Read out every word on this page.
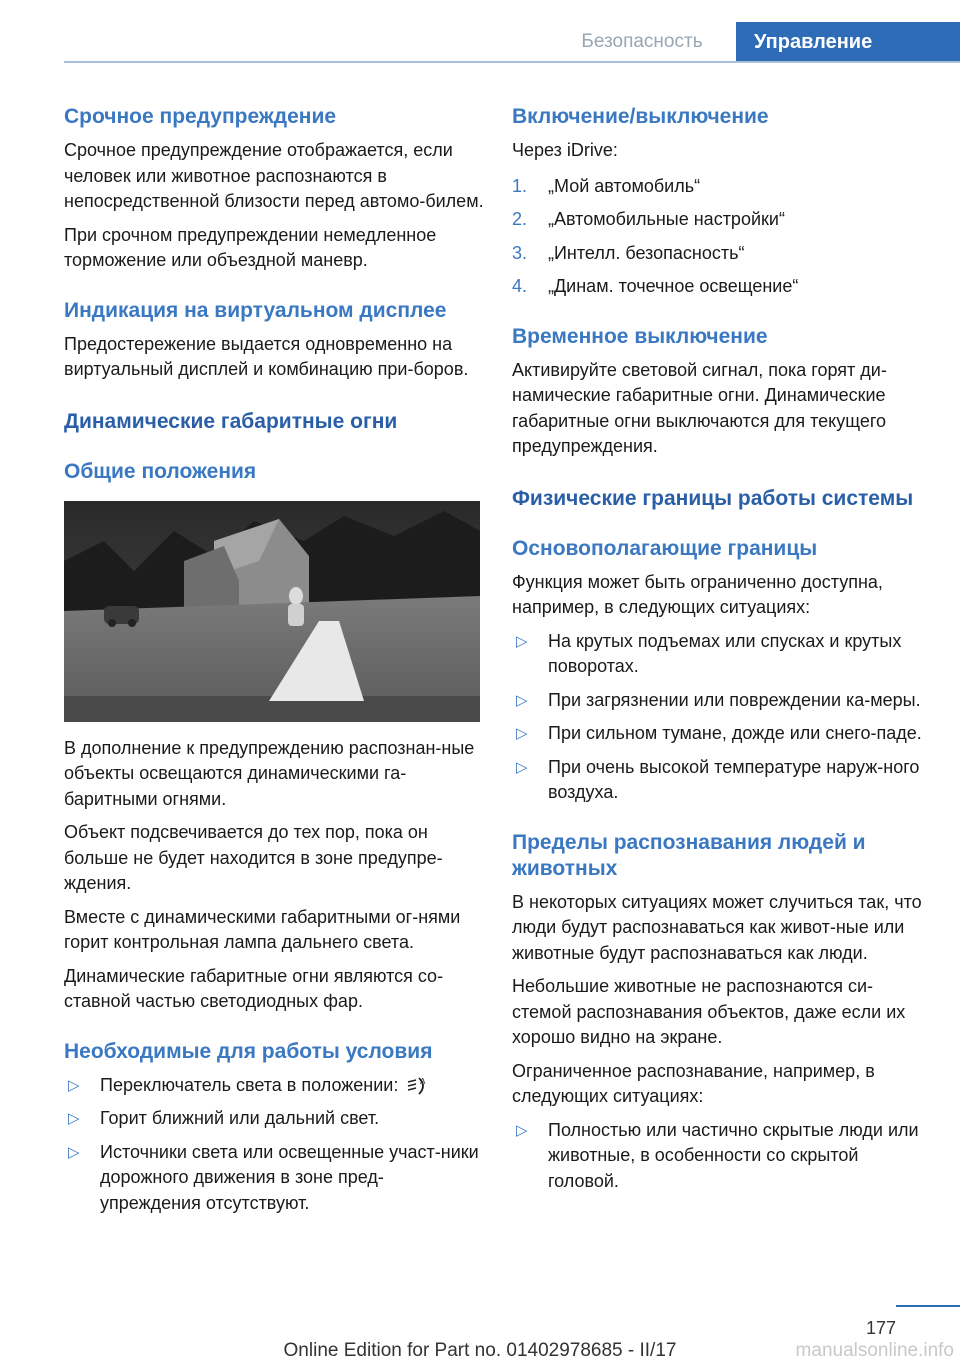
Безопасность	Управление
Срочное предупреждение

Срочное предупреждение отображается, если человек или животное распознаются в непосредственной близости перед автомо-билем.

При срочном предупреждении немедленное торможение или объездной маневр.

Индикация на виртуальном дисплее

Предостережение выдается одновременно на виртуальный дисплей и комбинацию при-боров.

Динамические габаритные огни
Общие положения

В дополнение к предупреждению распознан-ные объекты освещаются динамическими га-баритными огнями.

Объект подсвечивается до тех пор, пока он больше не будет находится в зоне предупре-ждения.

Вместе с динамическими габаритными ог-нями горит контрольная лампа дальнего света.

Динамические габаритные огни являются со-ставной частью светодиодных фар.

Необходимые для работы условия
▷ Переключатель света в положении:	A
▷ Горит ближний или дальний свет.
▷ Источники света или освещенные участ-ники дорожного движения в зоне пред-упреждения отсутствуют.
Включение/выключение

Через iDrive:

1. „Мой автомобиль“
2. „Автомобильные настройки“
3. „Интелл. безопасность“
4. „Динам. точечное освещение“
Временное выключение

Активируйте световой сигнал, пока горят ди-намические габаритные огни. Динамические габаритные огни выключаются для текущего предупреждения.

Физические границы работы системы
Основополагающие границы

Функция может быть ограниченно доступна, например, в следующих ситуациях:

▷ На крутых подъемах или спусках и крутых поворотах.
▷ При загрязнении или повреждении ка-меры.
▷ При сильном тумане, дожде или снего-паде.
▷ При очень высокой температуре наруж-ного воздуха.
Пределы распознавания людей и животных

В некоторых ситуациях может случиться так, что люди будут распознаваться как живот-ные или животные будут распознаваться как люди.

Небольшие животные не распознаются си-стемой распознавания объектов, даже если их хорошо видно на экране.

Ограниченное распознавание, например, в следующих ситуациях:

▷ Полностью или частично скрытые люди или животные, в особенности со скрытой головой.
177
Online Edition for Part no. 01402978685 - II/17	manualsonline.info
